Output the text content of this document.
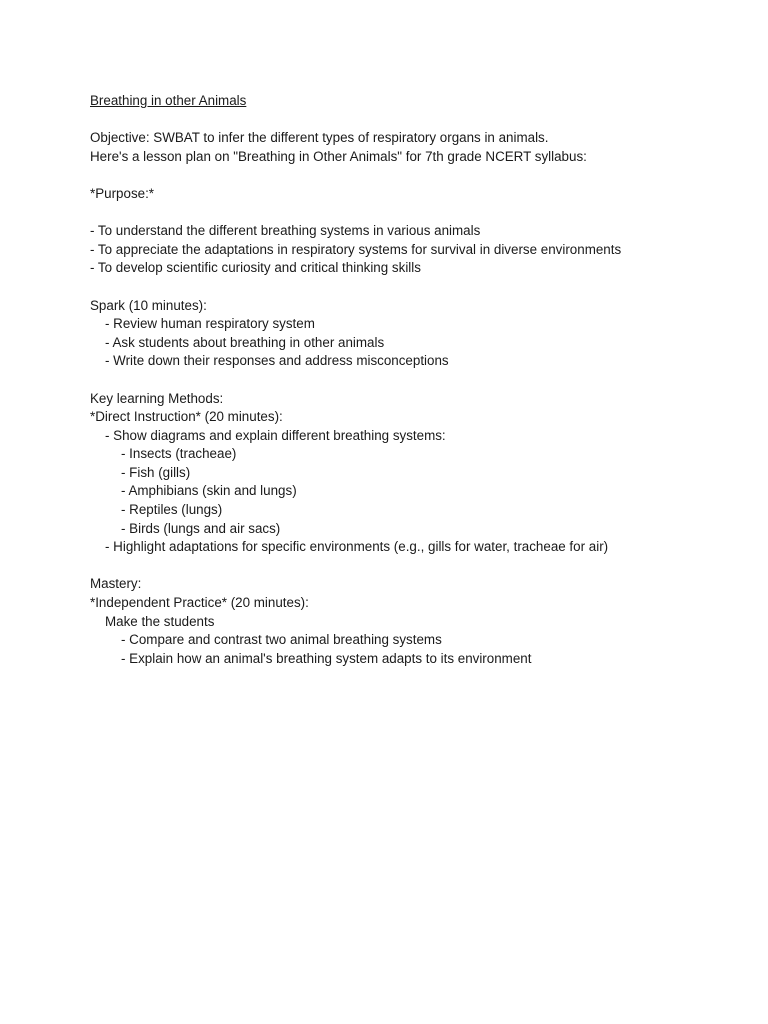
Breathing in other Animals
Objective: SWBAT to infer the different types of respiratory organs in animals.
Here's a lesson plan on "Breathing in Other Animals" for 7th grade NCERT syllabus:
*Purpose:*
- To understand the different breathing systems in various animals
- To appreciate the adaptations in respiratory systems for survival in diverse environments
- To develop scientific curiosity and critical thinking skills
Spark (10 minutes):
- Review human respiratory system
- Ask students about breathing in other animals
- Write down their responses and address misconceptions
Key learning Methods:
*Direct Instruction* (20 minutes):
- Show diagrams and explain different breathing systems:
- Insects (tracheae)
- Fish (gills)
- Amphibians (skin and lungs)
- Reptiles (lungs)
- Birds (lungs and air sacs)
- Highlight adaptations for specific environments (e.g., gills for water, tracheae for air)
Mastery:
*Independent Practice* (20 minutes):
Make the students
- Compare and contrast two animal breathing systems
- Explain how an animal's breathing system adapts to its environment
